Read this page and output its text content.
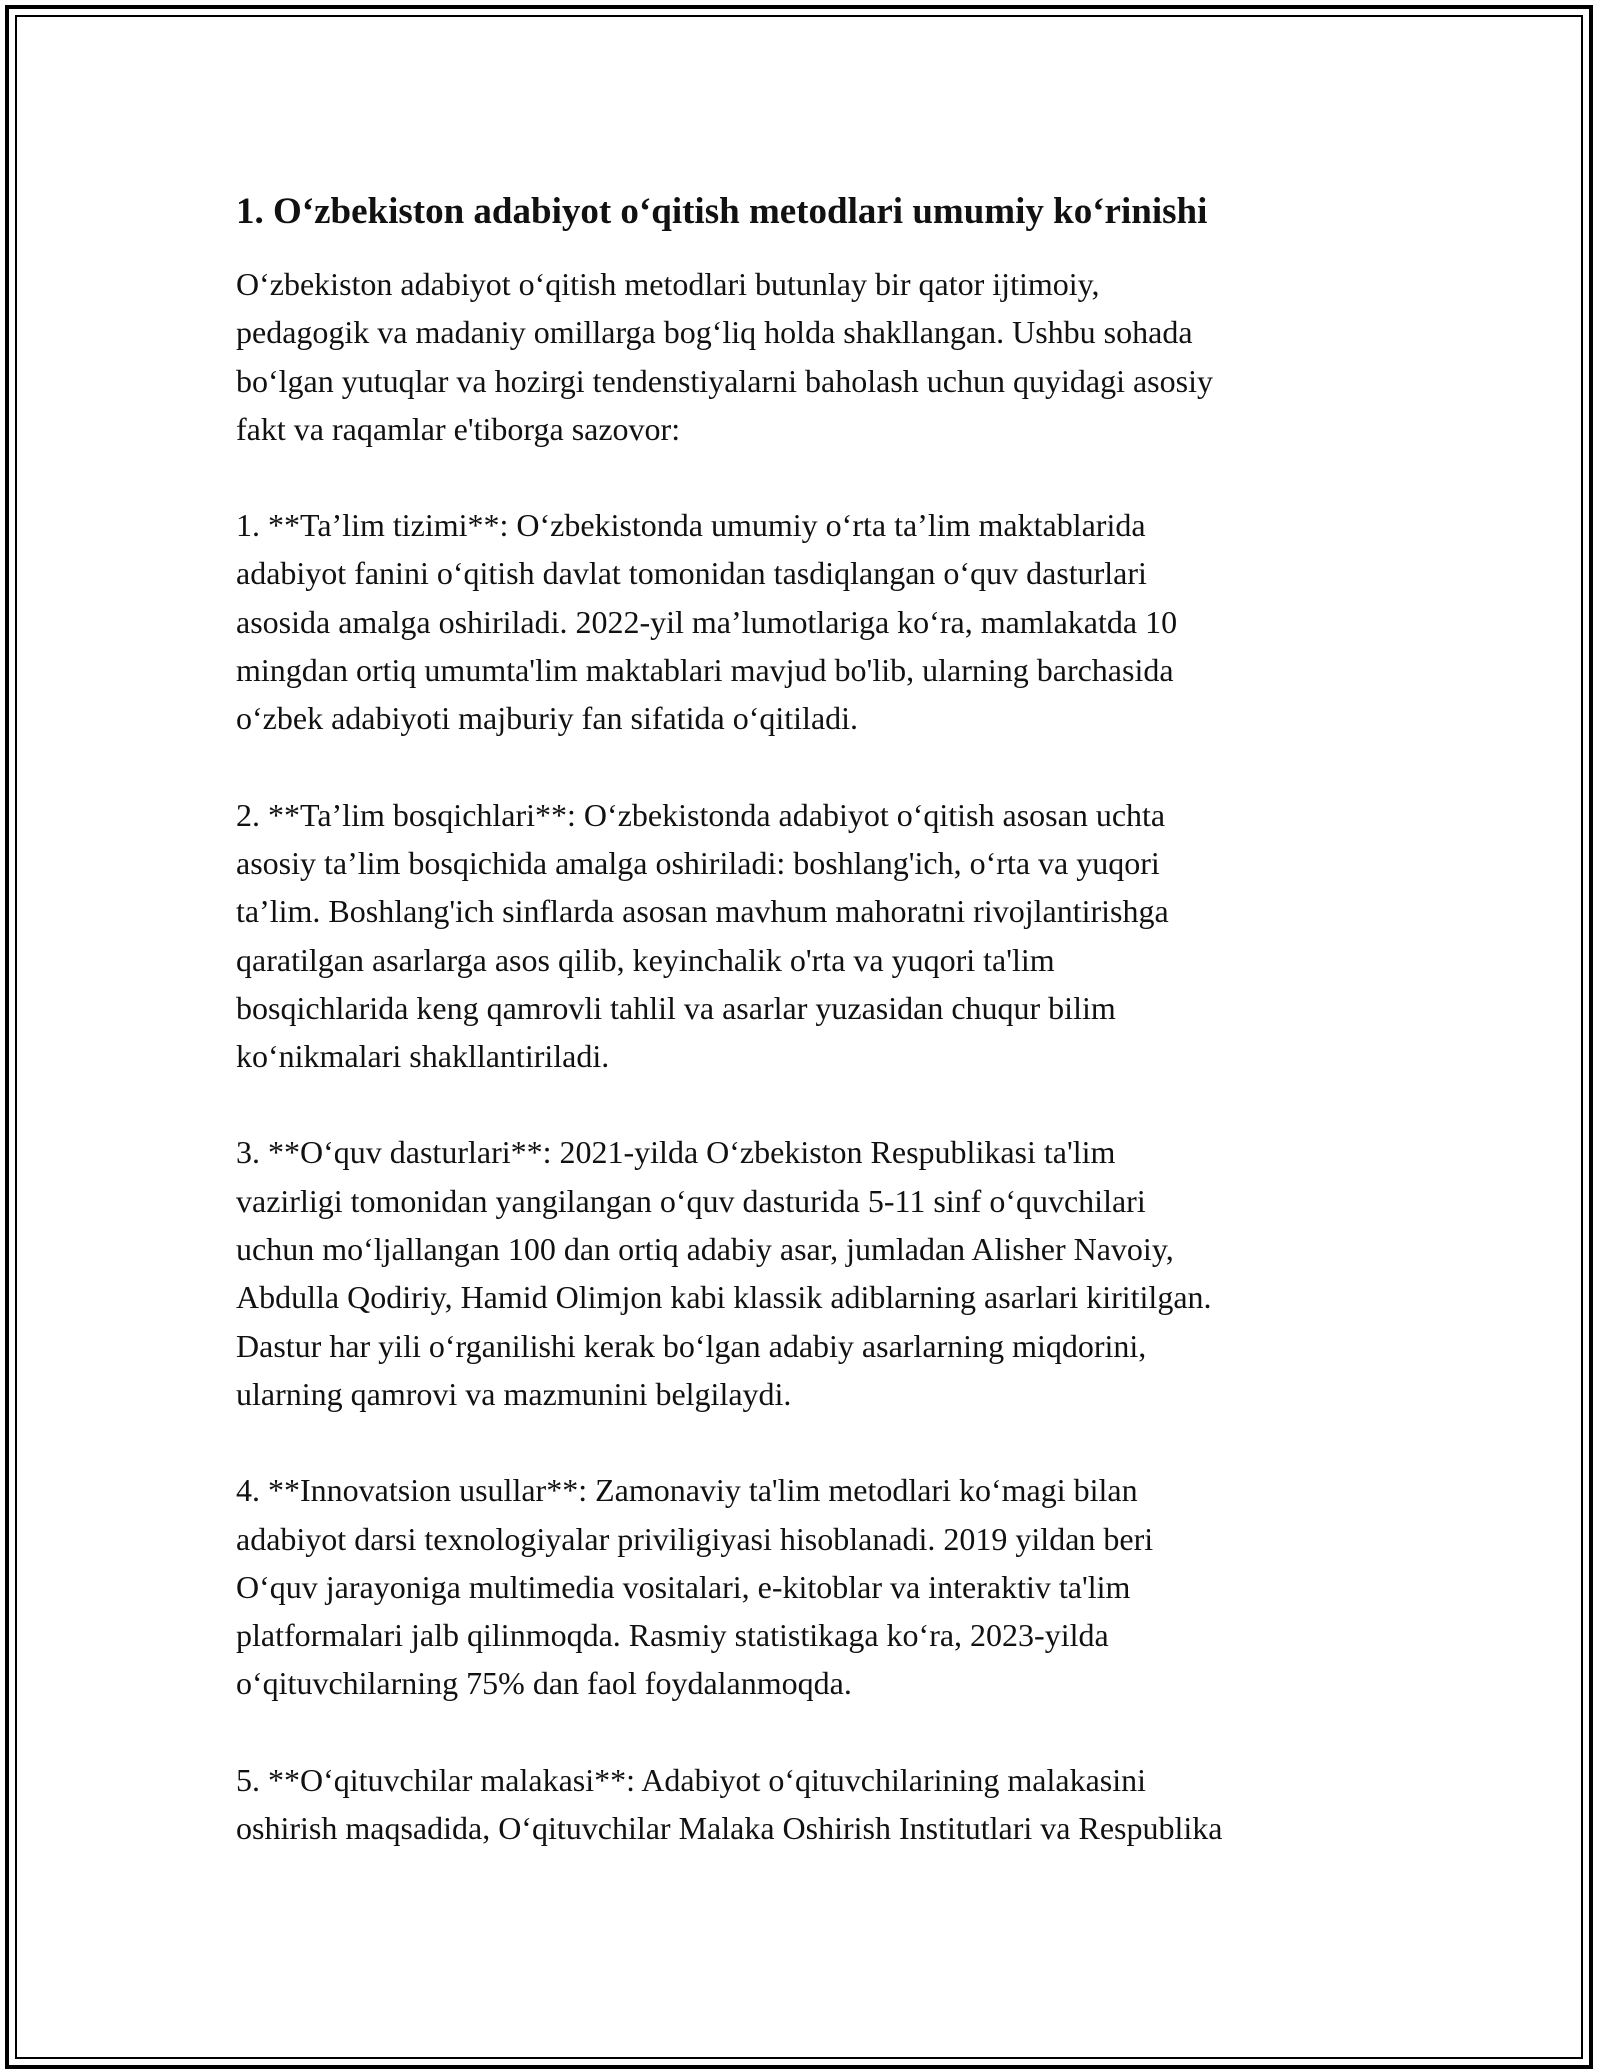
1. O‘zbekiston adabiyot o‘qitish metodlari umumiy ko‘rinishi

O‘zbekiston adabiyot o‘qitish metodlari butunlay bir qator ijtimoiy,
pedagogik va madaniy omillarga bog‘liq holda shakllangan. Ushbu sohada
bo‘lgan yutuqlar va hozirgi tendenstiyalarni baholash uchun quyidagi asosiy
fakt va raqamlar e'tiborga sazovor:

1. **Ta’lim tizimi**: O‘zbekistonda umumiy o‘rta ta’lim maktablarida
adabiyot fanini o‘qitish davlat tomonidan tasdiqlangan o‘quv dasturlari
asosida amalga oshiriladi. 2022-yil ma’lumotlariga ko‘ra, mamlakatda 10
mingdan ortiq umumta'lim maktablari mavjud bo'lib, ularning barchasida
o‘zbek adabiyoti majburiy fan sifatida o‘qitiladi.

2. **Ta’lim bosqichlari**: O‘zbekistonda adabiyot o‘qitish asosan uchta
asosiy ta’lim bosqichida amalga oshiriladi: boshlang'ich, o‘rta va yuqori
ta’lim. Boshlang'ich sinflarda asosan mavhum mahoratni rivojlantirishga
qaratilgan asarlarga asos qilib, keyinchalik o'rta va yuqori ta'lim
bosqichlarida keng qamrovli tahlil va asarlar yuzasidan chuqur bilim
ko‘nikmalari shakllantiriladi.

3. **O‘quv dasturlari**: 2021-yilda O‘zbekiston Respublikasi ta'lim
vazirligi tomonidan yangilangan o‘quv dasturida 5-11 sinf o‘quvchilari
uchun mo‘ljallangan 100 dan ortiq adabiy asar, jumladan Alisher Navoiy,
Abdulla Qodiriy, Hamid Olimjon kabi klassik adiblarning asarlari kiritilgan.
Dastur har yili o‘rganilishi kerak bo‘lgan adabiy asarlarning miqdorini,
ularning qamrovi va mazmunini belgilaydi.

4. **Innovatsion usullar**: Zamonaviy ta'lim metodlari ko‘magi bilan
adabiyot darsi texnologiyalar priviligiyasi hisoblanadi. 2019 yildan beri
O‘quv jarayoniga multimedia vositalari, e-kitoblar va interaktiv ta'lim
platformalari jalb qilinmoqda. Rasmiy statistikaga ko‘ra, 2023-yilda
o‘qituvchilarning 75% dan faol foydalanmoqda.

5. **O‘qituvchilar malakasi**: Adabiyot o‘qituvchilarining malakasini
oshirish maqsadida, O‘qituvchilar Malaka Oshirish Institutlari va Respublika
